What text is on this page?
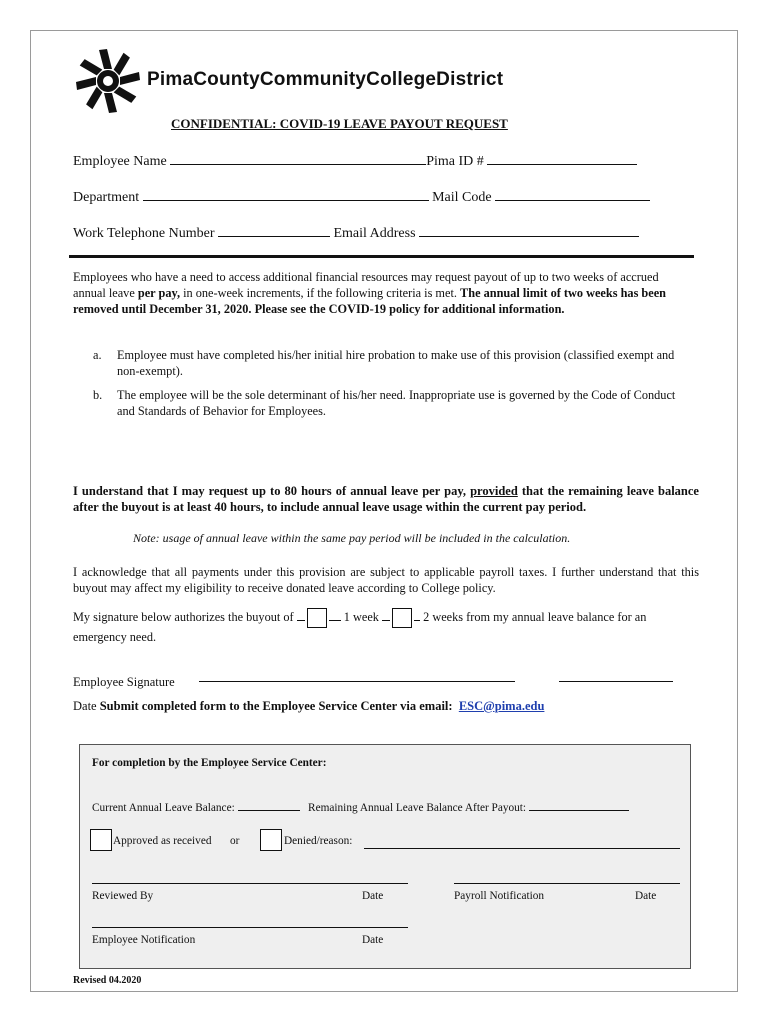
PimaCountyCommunityCollegeDistrict
CONFIDENTIAL: COVID-19 LEAVE PAYOUT REQUEST
Employee Name	Pima ID #
Department	Mail Code
Work Telephone Number	Email Address
Employees who have a need to access additional financial resources may request payout of up to two weeks of accrued annual leave per pay, in one-week increments, if the following criteria is met. The annual limit of two weeks has been removed until December 31, 2020. Please see the COVID-19 policy for additional information.
a. Employee must have completed his/her initial hire probation to make use of this provision (classified exempt and non-exempt).
b. The employee will be the sole determinant of his/her need. Inappropriate use is governed by the Code of Conduct and Standards of Behavior for Employees.
I understand that I may request up to 80 hours of annual leave per pay, provided that the remaining leave balance after the buyout is at least 40 hours, to include annual leave usage within the current pay period.
Note: usage of annual leave within the same pay period will be included in the calculation.
I acknowledge that all payments under this provision are subject to applicable payroll taxes. I further understand that this buyout may affect my eligibility to receive donated leave according to College policy.
My signature below authorizes the buyout of	1 week	2 weeks from my annual leave balance for an emergency need.
Employee Signature
Date Submit completed form to the Employee Service Center via email: ESC@pima.edu
For completion by the Employee Service Center:
Current Annual Leave Balance:	Remaining Annual Leave Balance After Payout:
Approved as received or	Denied/reason:
Reviewed By	Date	Payroll Notification	Date
Employee Notification	Date
Revised 04.2020
